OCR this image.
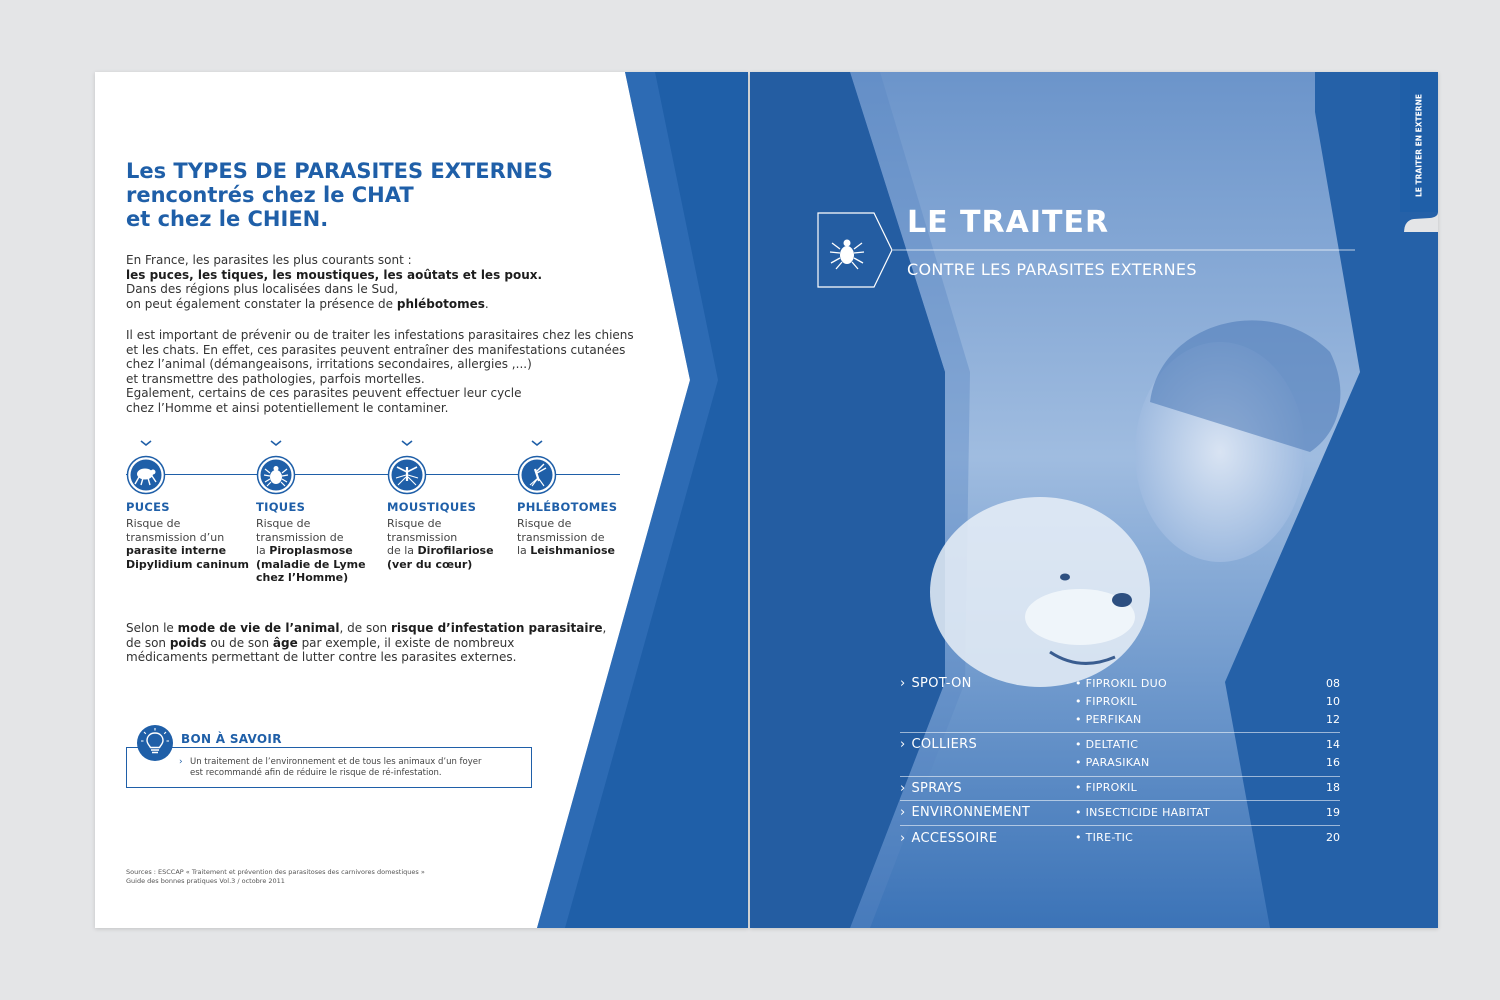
Les TYPES DE PARASITES EXTERNES
rencontrés chez le CHAT
et chez le CHIEN.

En France, les parasites les plus courants sont :
les puces, les tiques, les moustiques, les aoûtats et les poux.
Dans des régions plus localisées dans le Sud,
on peut également constater la présence de phlébotomes.

Il est important de prévenir ou de traiter les infestations parasitaires chez les chiens
et les chats. En effet, ces parasites peuvent entraîner des manifestations cutanées
chez l’animal (démangeaisons, irritations secondaires, allergies ,...)
et transmettre des pathologies, parfois mortelles.
Egalement, certains de ces parasites peuvent effectuer leur cycle
chez l’Homme et ainsi potentiellement le contaminer.

PUCES
Risque de
transmission d’un
parasite interne
Dipylidium caninum
TIQUES
Risque de
transmission de
la Piroplasmose
(maladie de Lyme
chez l’Homme)
MOUSTIQUES
Risque de
transmission
de la Dirofilariose
(ver du cœur)
PHLÉBOTOMES
Risque de
transmission de
la Leishmaniose

Selon le mode de vie de l’animal, de son risque d’infestation parasitaire,
de son poids ou de son âge par exemple, il existe de nombreux
médicaments permettant de lutter contre les parasites externes.

BON À SAVOIR
› Un traitement de l’environnement et de tous les animaux d’un foyer
est recommandé afin de réduire le risque de ré-infestation.
Sources : ESCCAP « Traitement et prévention des parasitoses des carnivores domestiques »
Guide des bonnes pratiques Vol.3 / octobre 2011
LE TRAITER
CONTRE LES PARASITES EXTERNES
› SPOT-ON	• FIPROKIL DUO	08
• FIPROKIL	10
• PERFIKAN	12
› COLLIERS	• DELTATIC	14
• PARASIKAN	16
› SPRAYS	• FIPROKIL	18
› ENVIRONNEMENT	• INSECTICIDE HABITAT	19
› ACCESSOIRE	• TIRE-TIC	20
LE TRAITER EN EXTERNE
